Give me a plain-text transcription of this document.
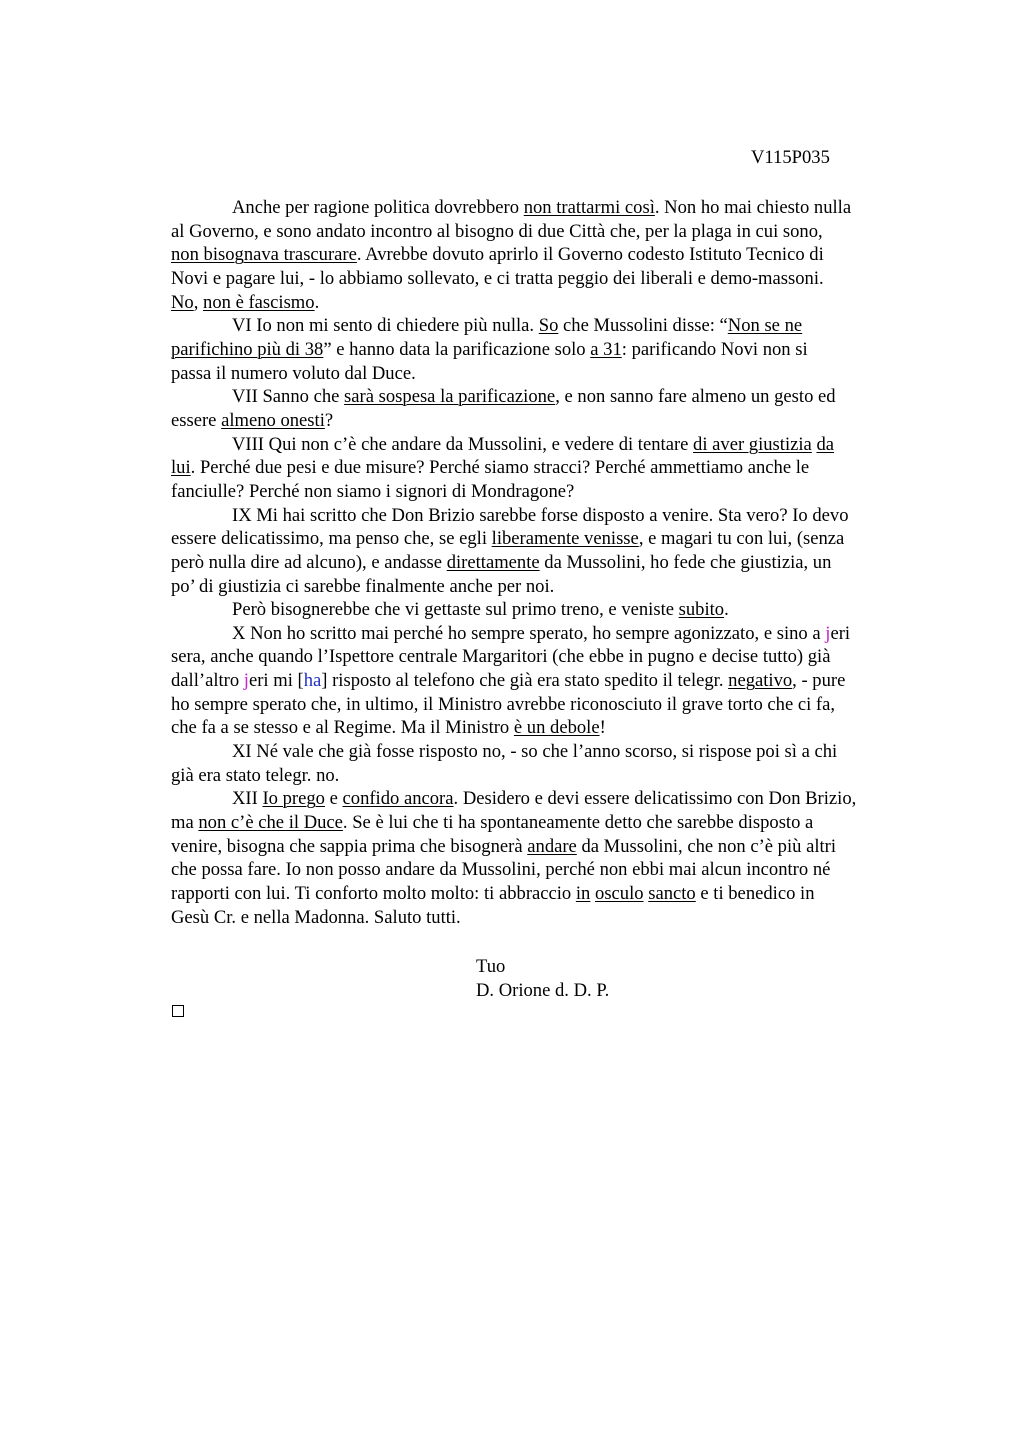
V115P035

Anche per ragione politica dovrebbero non trattarmi così. Non ho mai chiesto nulla

al Governo, e sono andato incontro al bisogno di due Città che, per la plaga in cui sono,

non bisognava trascurare. Avrebbe dovuto aprirlo il Governo codesto Istituto Tecnico di

Novi e pagare lui, - lo abbiamo sollevato, e ci tratta peggio dei liberali e demo-massoni.

No, non è fascismo.

VI Io non mi sento di chiedere più nulla. So che Mussolini disse: “Non se ne

parifichino più di 38” e hanno data la parificazione solo a 31: parificando Novi non si

passa il numero voluto dal Duce.

VII Sanno che sarà sospesa la parificazione, e non sanno fare almeno un gesto ed

essere almeno onesti?

VIII Qui non c’è che andare da Mussolini, e vedere di tentare di aver giustizia da

lui. Perché due pesi e due misure? Perché siamo stracci? Perché ammettiamo anche le

fanciulle? Perché non siamo i signori di Mondragone?

IX Mi hai scritto che Don Brizio sarebbe forse disposto a venire. Sta vero? Io devo

essere delicatissimo, ma penso che, se egli liberamente venisse, e magari tu con lui, (senza

però nulla dire ad alcuno), e andasse direttamente da Mussolini, ho fede che giustizia, un

po’ di giustizia ci sarebbe finalmente anche per noi.

Però bisognerebbe che vi gettaste sul primo treno, e veniste subito.

X Non ho scritto mai perché ho sempre sperato, ho sempre agonizzato, e sino a jeri

sera, anche quando l’Ispettore centrale Margaritori (che ebbe in pugno e decise tutto) già

dall’altro jeri mi [ha] risposto al telefono che già era stato spedito il telegr. negativo, - pure

ho sempre sperato che, in ultimo, il Ministro avrebbe riconosciuto il grave torto che ci fa,

che fa a se stesso e al Regime. Ma il Ministro è un debole!

XI Né vale che già fosse risposto no, - so che l’anno scorso, si rispose poi sì a chi

già era stato telegr. no.

XII Io prego e confido ancora. Desidero e devi essere delicatissimo con Don Brizio,

ma non c’è che il Duce. Se è lui che ti ha spontaneamente detto che sarebbe disposto a

venire, bisogna che sappia prima che bisognerà andare da Mussolini, che non c’è più altri

che possa fare. Io non posso andare da Mussolini, perché non ebbi mai alcun incontro né

rapporti con lui. Ti conforto molto molto: ti abbraccio in osculo sancto e ti benedico in

Gesù Cr. e nella Madonna. Saluto tutti.

Tuo
D. Orione d. D. P.
